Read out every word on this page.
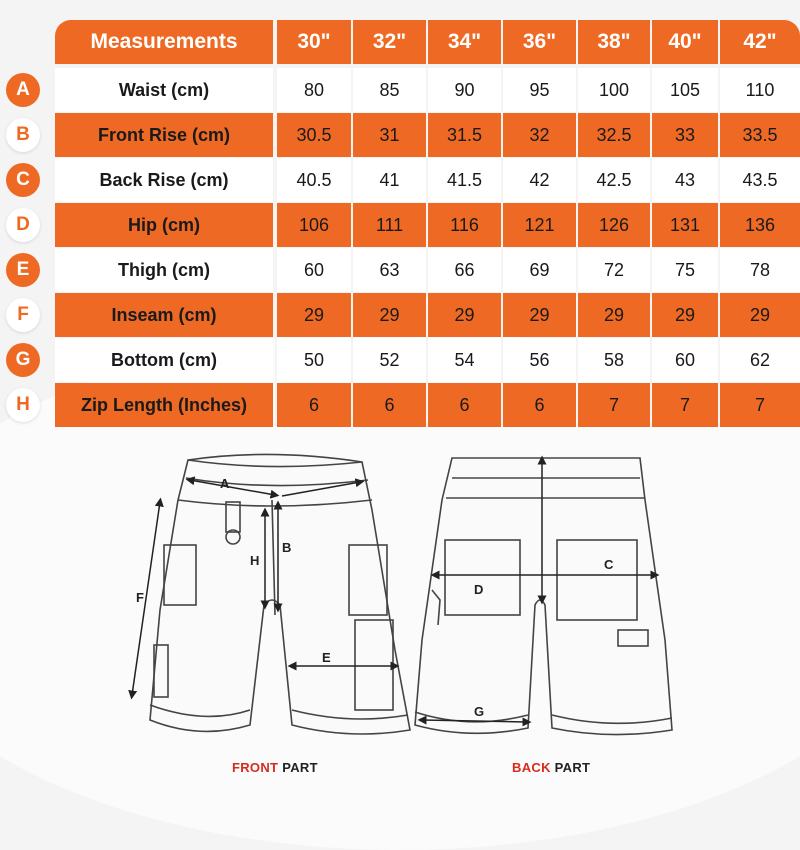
Measurements	30"	32"	34"	36"	38"	40"	42"
A	Waist (cm)	80	85	90	95	100	105	110
B	Front Rise (cm)	30.5	31	31.5	32	32.5	33	33.5
C	Back Rise (cm)	40.5	41	41.5	42	42.5	43	43.5
D	Hip (cm)	106	111	116	121	126	131	136
E	Thigh (cm)	60	63	66	69	72	75	78
F	Inseam (cm)	29	29	29	29	29	29	29
G	Bottom (cm)	50	52	54	56	58	60	62
H	Zip Length (Inches)	6	6	6	6	7	7	7
A
B
H
F
E
C
D
G
FRONT PART	BACK PART
